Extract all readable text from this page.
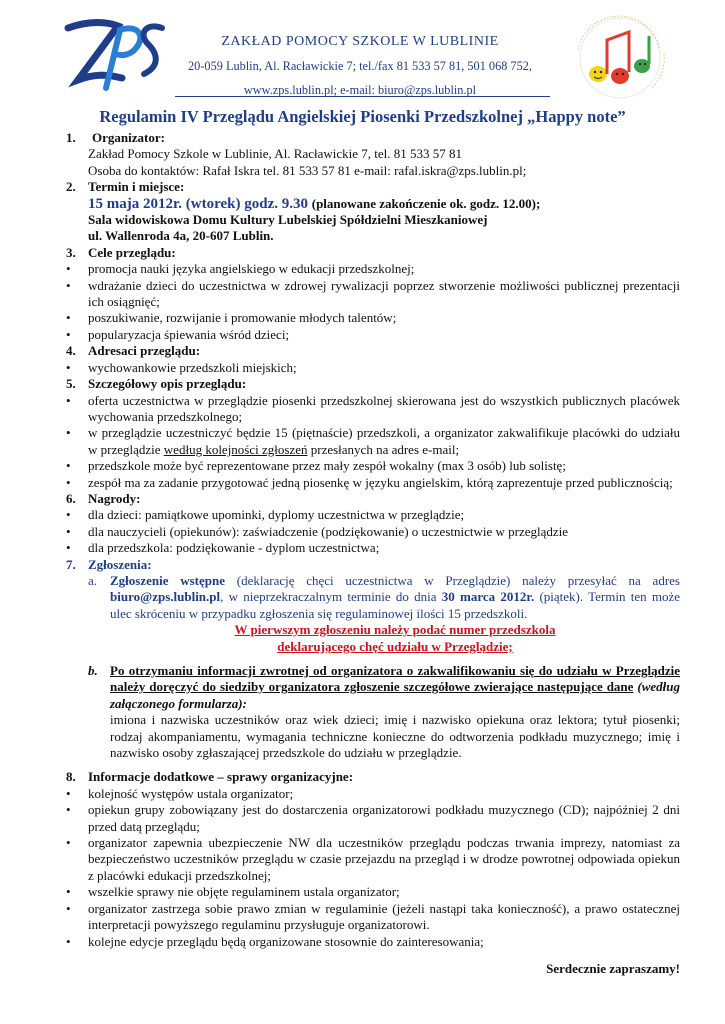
ZAKŁAD POMOCY SZKOLE W LUBLINIE
20-059 Lublin, Al. Racławickie 7; tel./fax 81 533 57 81, 501 068 752,
www.zps.lublin.pl; e-mail: biuro@zps.lublin.pl
Regulamin IV Przeglądu Angielskiej Piosenki Przedszkolnej „Happy note”
1.	Organizator:
Zakład Pomocy Szkole w Lublinie, Al. Racławickie 7, tel. 81 533 57 81
Osoba do kontaktów: Rafał Iskra tel. 81 533 57 81 e-mail: rafal.iskra@zps.lublin.pl;
2. Termin i miejsce:
15 maja 2012r. (wtorek) godz. 9.30 (planowane zakończenie ok. godz. 12.00);
Sala widowiskowa Domu Kultury Lubelskiej Spółdzielni Mieszkaniowej
ul. Wallenroda 4a, 20-607 Lublin.
3. Cele przeglądu:
• promocja nauki języka angielskiego w edukacji przedszkolnej;
• wdrażanie dzieci do uczestnictwa w zdrowej rywalizacji poprzez stworzenie możliwości publicznej prezentacji ich osiągnięć;
• poszukiwanie, rozwijanie i promowanie młodych talentów;
• popularyzacja śpiewania wśród dzieci;
4. Adresaci przeglądu:
• wychowankowie przedszkoli miejskich;
5. Szczegółowy opis przeglądu:
• oferta uczestnictwa w przeglądzie piosenki przedszkolnej skierowana jest do wszystkich publicznych placówek wychowania przedszkolnego;
• w przeglądzie uczestniczyć będzie 15 (piętnaście) przedszkoli, a organizator zakwalifikuje placówki do udziału w przeglądzie według kolejności zgłoszeń przesłanych na adres e-mail;
• przedszkole może być reprezentowane przez mały zespół wokalny (max 3 osób) lub solistę;
• zespół ma za zadanie przygotować jedną piosenkę w języku angielskim, którą zaprezentuje przed publicznością;
6. Nagrody:
• dla dzieci: pamiątkowe upominki, dyplomy uczestnictwa w przeglądzie;
• dla nauczycieli (opiekunów): zaświadczenie (podziękowanie) o uczestnictwie w przeglądzie
• dla przedszkola: podziękowanie - dyplom uczestnictwa;
7. Zgłoszenia:
a. Zgłoszenie wstępne (deklarację chęci uczestnictwa w Przeglądzie) należy przesyłać na adres biuro@zps.lublin.pl, w nieprzekraczalnym terminie do dnia 30 marca 2012r. (piątek). Termin ten może ulec skróceniu w przypadku zgłoszenia się regulaminowej ilości 15 przedszkoli.
W pierwszym zgłoszeniu należy podać numer przedszkola
deklarującego chęć udziału w Przeglądzie;
b. Po otrzymaniu informacji zwrotnej od organizatora o zakwalifikowaniu się do udziału w Przeglądzie należy doręczyć do siedziby organizatora zgłoszenie szczegółowe zwierające następujące dane (według załączonego formularza):
imiona i nazwiska uczestników oraz wiek dzieci; imię i nazwisko opiekuna oraz lektora; tytuł piosenki; rodzaj akompaniamentu, wymagania techniczne konieczne do odtworzenia podkładu muzycznego; imię i nazwisko osoby zgłaszającej przedszkole do udziału w przeglądzie.
8. Informacje dodatkowe – sprawy organizacyjne:
• kolejność występów ustala organizator;
• opiekun grupy zobowiązany jest do dostarczenia organizatorowi podkładu muzycznego (CD); najpóźniej 2 dni przed datą przeglądu;
• organizator zapewnia ubezpieczenie NW dla uczestników przeglądu podczas trwania imprezy, natomiast za bezpieczeństwo uczestników przeglądu w czasie przejazdu na przegląd i w drodze powrotnej odpowiada opiekun z placówki edukacji przedszkolnej;
• wszelkie sprawy nie objęte regulaminem ustala organizator;
• organizator zastrzega sobie prawo zmian w regulaminie (jeżeli nastąpi taka konieczność), a prawo ostatecznej interpretacji powyższego regulaminu przysługuje organizatorowi.
• kolejne edycje przeglądu będą organizowane stosownie do zainteresowania;
Serdecznie zapraszamy!
